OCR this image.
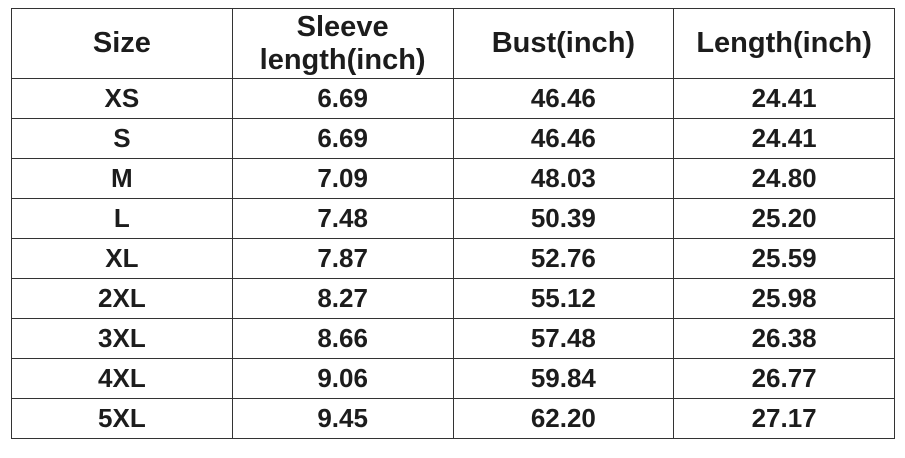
Size	Sleeve length(inch)	Bust(inch)	Length(inch)
XS	6.69	46.46	24.41
S	6.69	46.46	24.41
M	7.09	48.03	24.80
L	7.48	50.39	25.20
XL	7.87	52.76	25.59
2XL	8.27	55.12	25.98
3XL	8.66	57.48	26.38
4XL	9.06	59.84	26.77
5XL	9.45	62.20	27.17
